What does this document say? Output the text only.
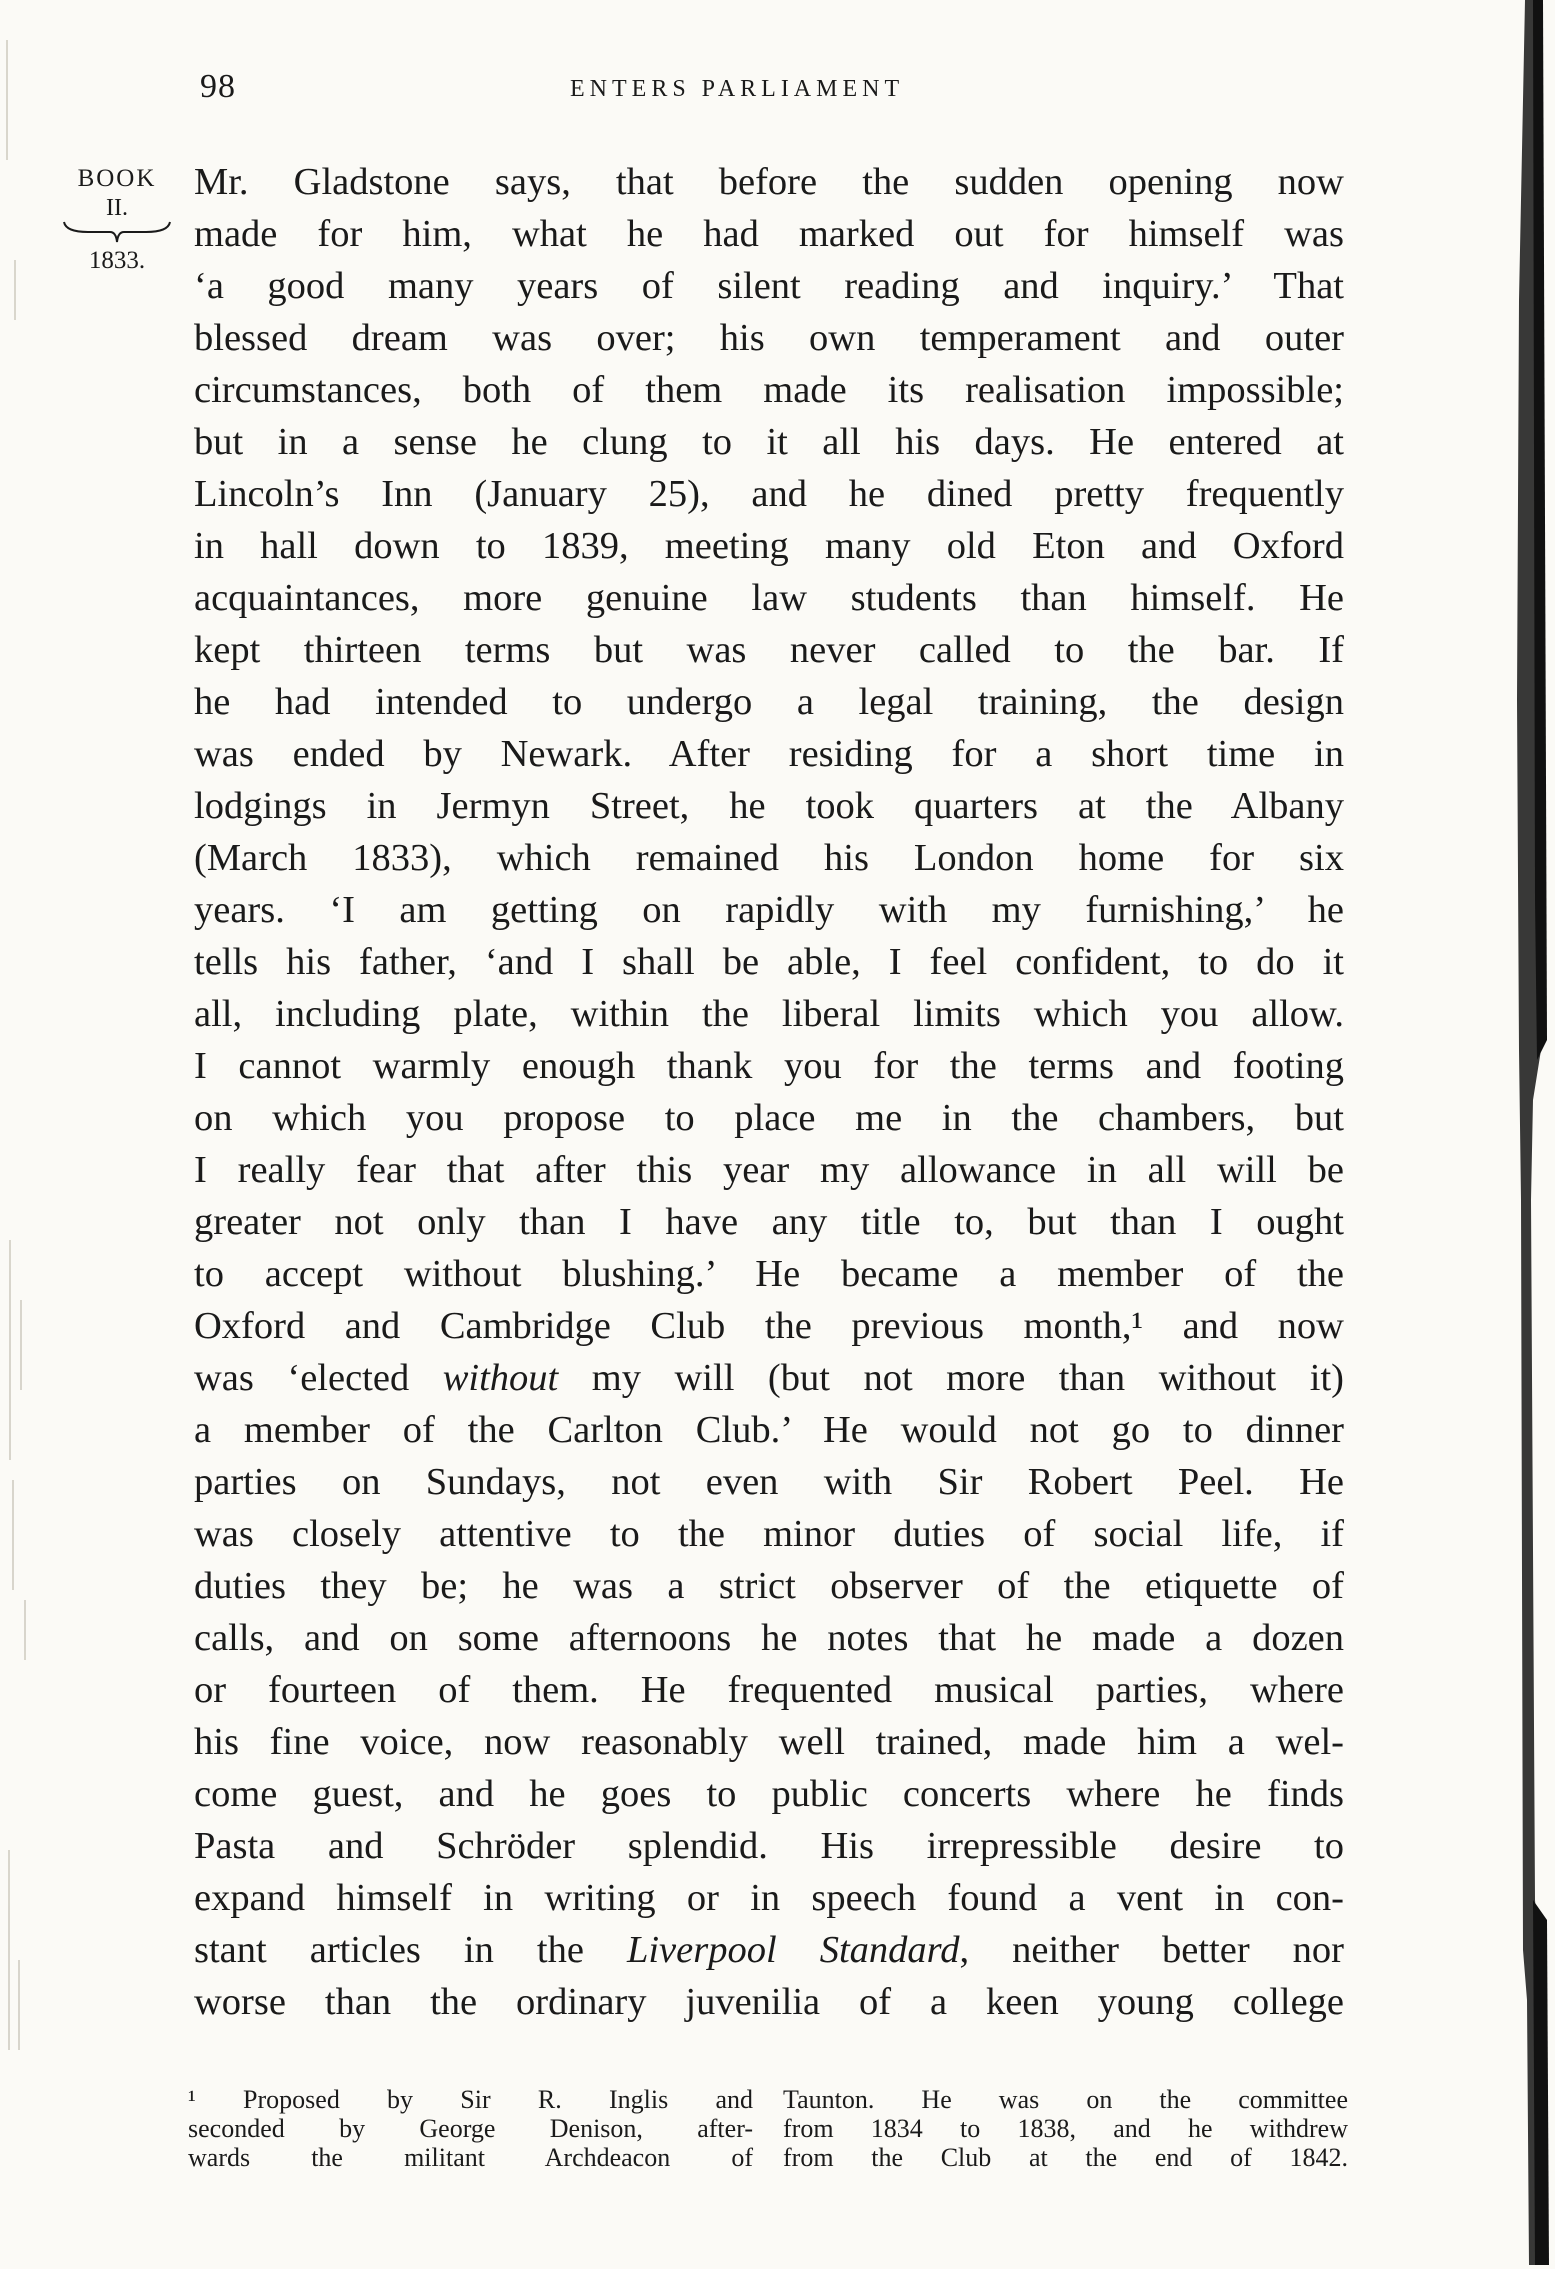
98	ENTERS PARLIAMENT
BOOK
II.
1833.
Mr. Gladstone says, that before the sudden opening now
made for him, what he had marked out for himself was
‘a good many years of silent reading and inquiry.’ That
blessed dream was over; his own temperament and outer
circumstances, both of them made its realisation impossible;
but in a sense he clung to it all his days. He entered at
Lincoln’s Inn (January 25), and he dined pretty frequently
in hall down to 1839, meeting many old Eton and Oxford
acquaintances, more genuine law students than himself. He
kept thirteen terms but was never called to the bar. If
he had intended to undergo a legal training, the design
was ended by Newark. After residing for a short time in
lodgings in Jermyn Street, he took quarters at the Albany
(March 1833), which remained his London home for six
years. ‘I am getting on rapidly with my furnishing,’ he
tells his father, ‘and I shall be able, I feel confident, to do it
all, including plate, within the liberal limits which you allow.
I cannot warmly enough thank you for the terms and footing
on which you propose to place me in the chambers, but
I really fear that after this year my allowance in all will be
greater not only than I have any title to, but than I ought
to accept without blushing.’ He became a member of the
Oxford and Cambridge Club the previous month,¹ and now
was ‘elected without my will (but not more than without it)
a member of the Carlton Club.’ He would not go to dinner
parties on Sundays, not even with Sir Robert Peel. He
was closely attentive to the minor duties of social life, if
duties they be; he was a strict observer of the etiquette of
calls, and on some afternoons he notes that he made a dozen
or fourteen of them. He frequented musical parties, where
his fine voice, now reasonably well trained, made him a wel-
come guest, and he goes to public concerts where he finds
Pasta and Schröder splendid. His irrepressible desire to
expand himself in writing or in speech found a vent in con-
stant articles in the Liverpool Standard, neither better nor
worse than the ordinary juvenilia of a keen young college
¹ Proposed by Sir R. Inglis and
seconded by George Denison, after-
wards the militant Archdeacon of
Taunton. He was on the committee
from 1834 to 1838, and he withdrew
from the Club at the end of 1842.
